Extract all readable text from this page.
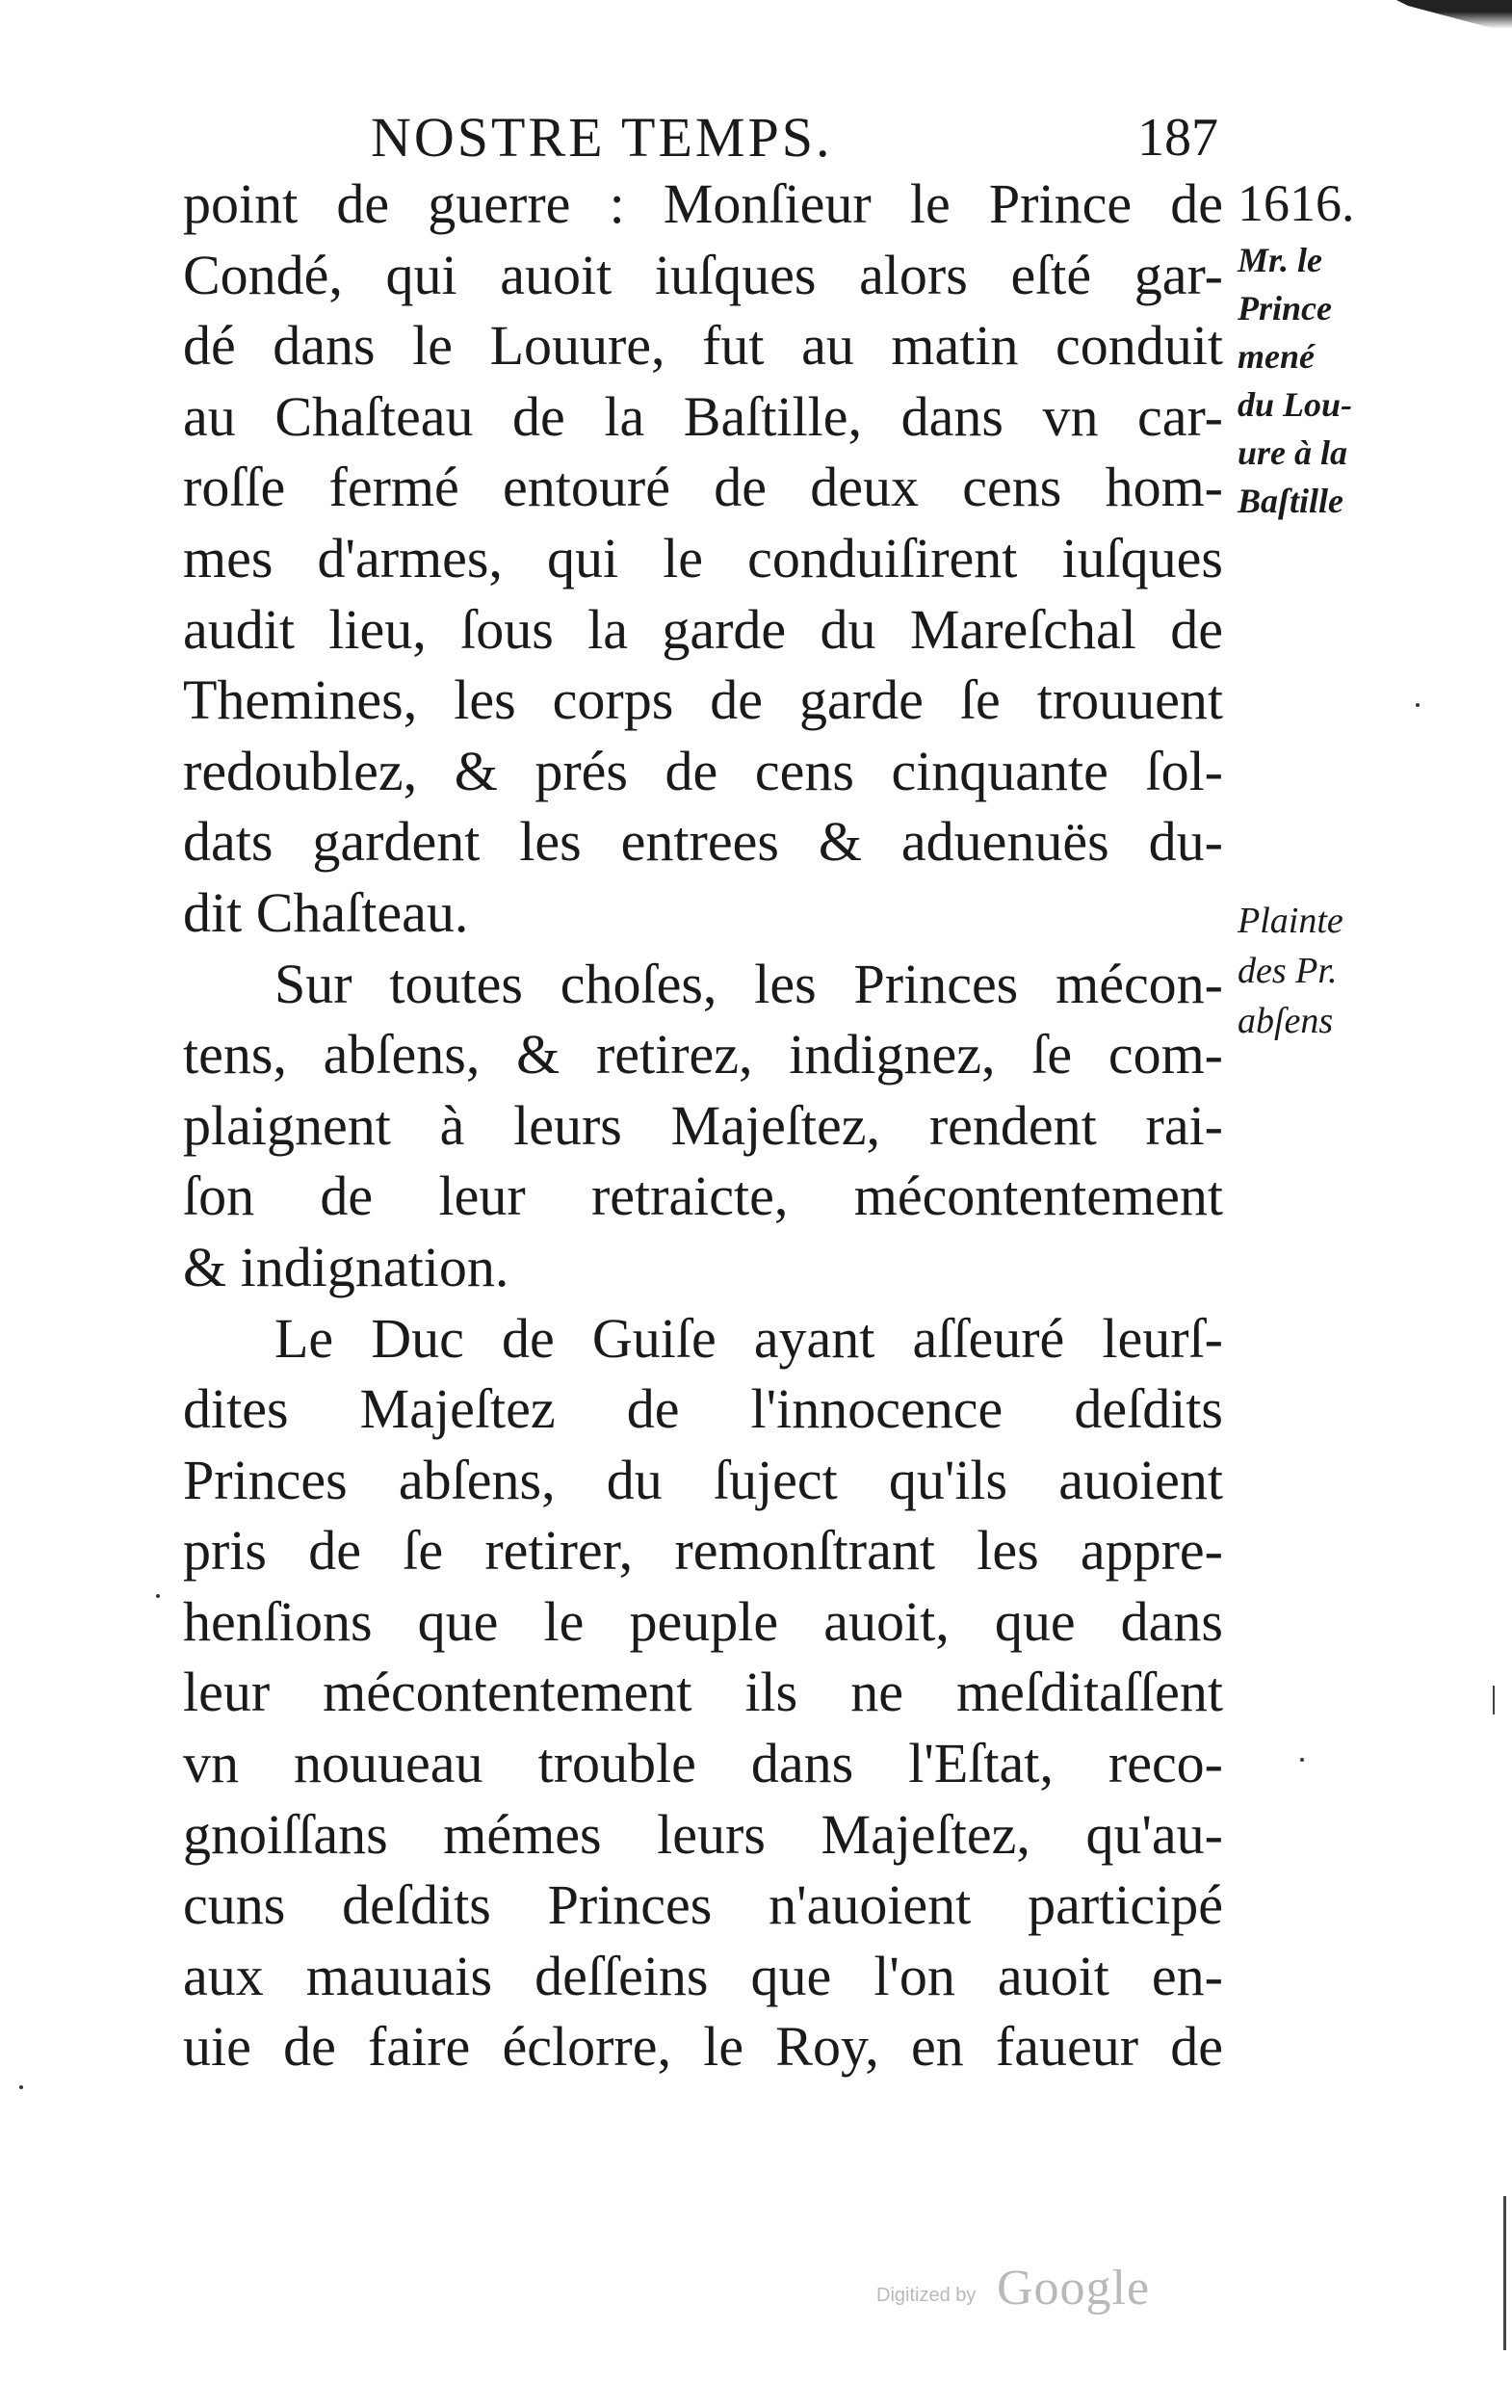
NOSTRE TEMPS.	187
point de guerre : Monſieur le Prince de
Condé, qui auoit iuſques alors eſté gar-
dé dans le Louure, fut au matin conduit
au Chaſteau de la Baſtille, dans vn car-
roſſe fermé entouré de deux cens hom-
mes d'armes, qui le conduiſirent iuſques
audit lieu, ſous la garde du Mareſchal de
Themines, les corps de garde ſe trouuent
redoublez, & prés de cens cinquante ſol-
dats gardent les entrees & aduenuës du-
dit Chaſteau.
Sur toutes choſes, les Princes mécon-
tens, abſens, & retirez, indignez, ſe com-
plaignent à leurs Majeſtez, rendent rai-
ſon de leur retraicte, mécontentement
& indignation.
Le Duc de Guiſe ayant aſſeuré leurſ-
dites Majeſtez de l'innocence deſdits
Princes abſens, du ſuject qu'ils auoient
pris de ſe retirer, remonſtrant les appre-
henſions que le peuple auoit, que dans
leur mécontentement ils ne meſditaſſent
vn nouueau trouble dans l'Eſtat, reco-
gnoiſſans mémes leurs Majeſtez, qu'au-
cuns deſdits Princes n'auoient participé
aux mauuais deſſeins que l'on auoit en-
uie de faire éclorre, le Roy, en faueur de
1616.
Mr. le
Prince
mené
du Lou-
ure à la
Baſtille
Plainte
des Pr.
abſens
Digitized by Google
